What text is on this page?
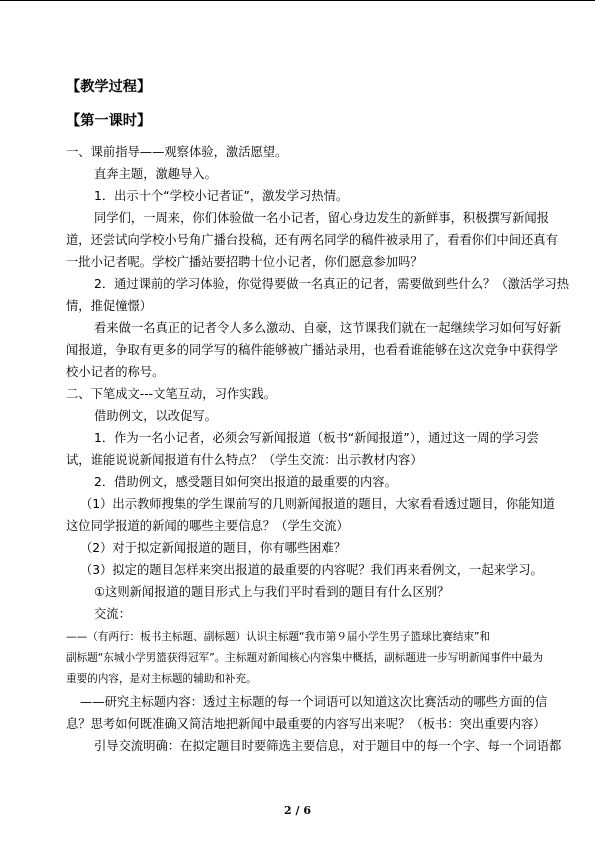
【教学过程】
【第一课时】
一、课前指导——观察体验，激活愿望。
直奔主题，激趣导入。
1．出示十个“学校小记者证”，激发学习热情。
同学们，一周来，你们体验做一名小记者，留心身边发生的新鲜事，积极撰写新闻报
道，还尝试向学校小号角广播台投稿，还有两名同学的稿件被录用了，看看你们中间还真有
一批小记者呢。学校广播站要招聘十位小记者，你们愿意参加吗？
2．通过课前的学习体验，你觉得要做一名真正的记者，需要做到些什么？（激活学习热
情，推促憧憬）
看来做一名真正的记者令人多么激动、自豪，这节课我们就在一起继续学习如何写好新
闻报道，争取有更多的同学写的稿件能够被广播站录用，也看看谁能够在这次竞争中获得学
校小记者的称号。
二、下笔成文---文笔互动，习作实践。
借助例文，以改促写。
1．作为一名小记者，必须会写新闻报道（板书“新闻报道”），通过这一周的学习尝
试，谁能说说新闻报道有什么特点？（学生交流：出示教材内容）
2．借助例文，感受题目如何突出报道的最重要的内容。
（1）出示教师搜集的学生课前写的几则新闻报道的题目，大家看看透过题目，你能知道
这位同学报道的新闻的哪些主要信息？（学生交流）
（2）对于拟定新闻报道的题目，你有哪些困难？
（3）拟定的题目怎样来突出报道的最重要的内容呢？我们再来看例文，一起来学习。
①这则新闻报道的题目形式上与我们平时看到的题目有什么区别？
交流：
——（有两行：板书主标题、副标题）认识主标题“我市第９届小学生男子篮球比赛结束”和
副标题“东城小学男篮获得冠军”。主标题对新闻核心内容集中概括，副标题进一步写明新闻事件中最为
重要的内容，是对主标题的辅助和补充。
——研究主标题内容：透过主标题的每一个词语可以知道这次比赛活动的哪些方面的信
息？思考如何既准确又简洁地把新闻中最重要的内容写出来呢？（板书：突出重要内容）
引导交流明确：在拟定题目时要筛选主要信息，对于题目中的每一个字、每一个词语都
2 / 6
